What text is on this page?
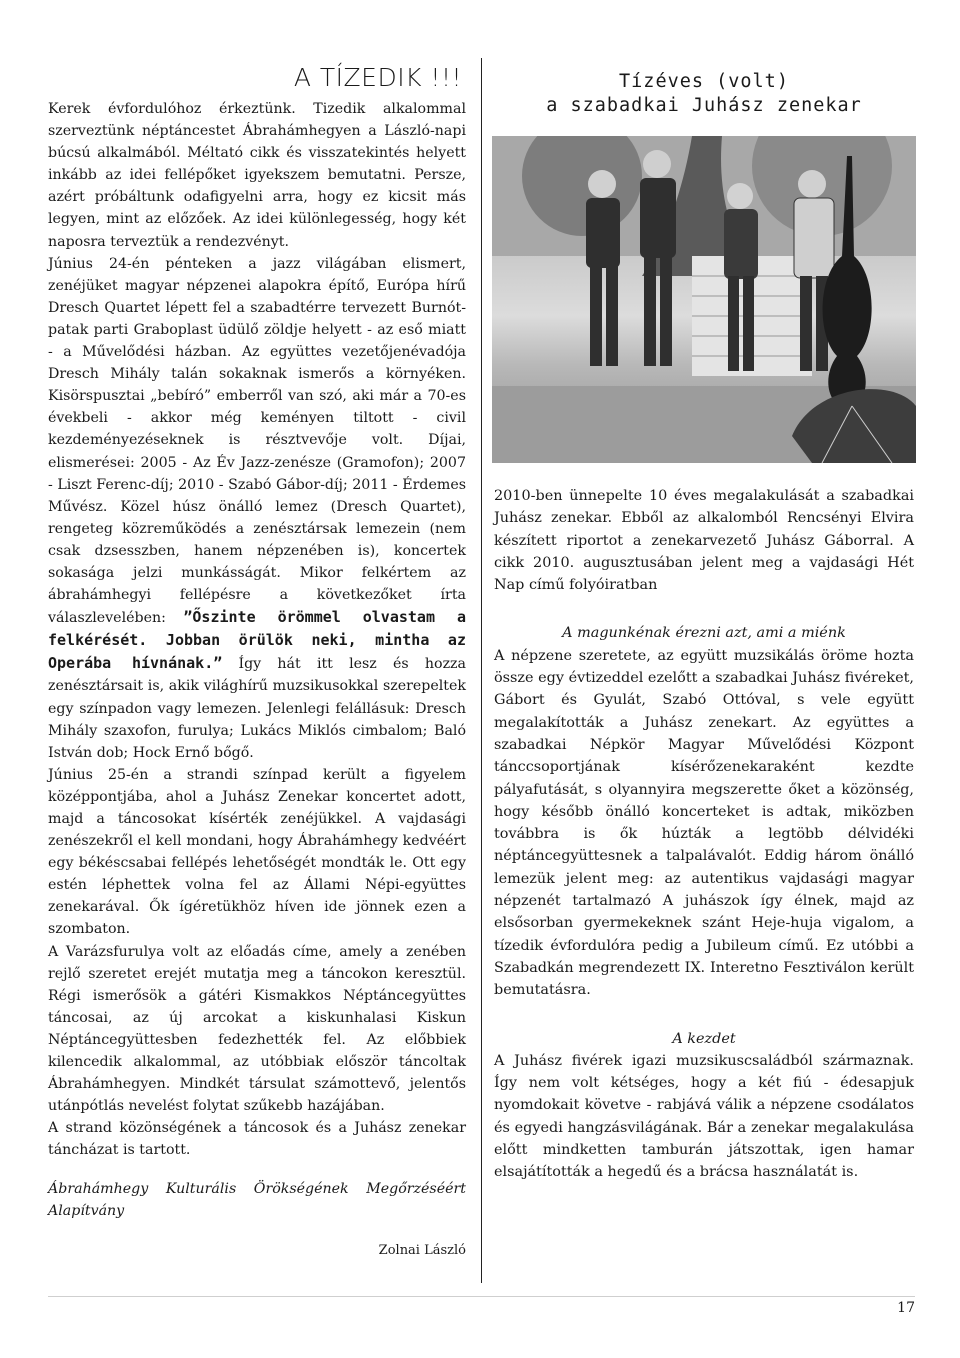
A TÍZEDIK !!!

Kerek évfordulóhoz érkeztünk. Tizedik alkalommal szerveztünk néptáncestet Ábrahámhegyen a László-napi búcsú alkalmából. Méltató cikk és visszatekintés helyett inkább az idei fellépőket igyekszem bemutatni. Persze, azért próbáltunk odafigyelni arra, hogy ez kicsit más legyen, mint az előzőek. Az idei különlegesség, hogy két naposra terveztük a rendezvényt.

Június 24-én pénteken a jazz világában elismert, zenéjüket magyar népzenei alapokra építő, Európa hírű Dresch Quartet lépett fel a szabadtérre tervezett Burnót-patak parti Graboplast üdülő zöldje helyett - az eső miatt - a Művelődési házban. Az együttes vezetőjenévadója Dresch Mihály talán sokaknak ismerős a környéken. Kisörspusztai „bebíró” emberről van szó, aki már a 70-es évekbeli - akkor még keményen tiltott - civil kezdeményezéseknek is résztvevője volt. Díjai, elismerései: 2005 - Az Év Jazz-zenésze (Gramofon); 2007 - Liszt Ferenc-díj; 2010 - Szabó Gábor-díj; 2011 - Érdemes Művész. Közel húsz önálló lemez (Dresch Quartet), rengeteg közreműködés a zenésztársak lemezein (nem csak dzsesszben, hanem népzenében is), koncertek sokasága jelzi munkásságát. Mikor felkértem az ábrahámhegyi fellépésre a következőket írta válaszlevelében: ”Őszinte örömmel olvastam a felkérését. Jobban örülök neki, mintha az Operába hívnának.” Így hát itt lesz és hozza zenésztársait is, akik világhírű muzsikusokkal szerepeltek egy színpadon vagy lemezen. Jelenlegi felállásuk: Dresch Mihály szaxofon, furulya; Lukács Miklós cimbalom; Baló István dob; Hock Ernő bőgő.

Június 25-én a strandi színpad került a figyelem középpontjába, ahol a Juhász Zenekar koncertet adott, majd a táncosokat kísérték zenéjükkel. A vajdasági zenészekről el kell mondani, hogy Ábrahámhegy kedvéért egy békéscsabai fellépés lehetőségét mondták le. Ott egy estén léphettek volna fel az Állami Népi-együttes zenekarával. Ők ígéretükhöz híven ide jönnek ezen a szombaton.

A Varázsfurulya volt az előadás címe, amely a zenében rejlő szeretet erejét mutatja meg a táncokon keresztül. Régi ismerősök a gátéri Kismakkos Néptáncegyüttes táncosai, az új arcokat a kiskunhalasi Kiskun Néptáncegyüttesben fedezhették fel. Az előbbiek kilencedik alkalommal, az utóbbiak először táncoltak Ábrahámhegyen. Mindkét társulat számottevő, jelentős utánpótlás nevelést folytat szűkebb hazájában.

A strand közönségének a táncosok és a Juhász zenekar táncházat is tartott.

Ábrahámhegy Kulturális Örökségének Megőrzéséért Alapítvány
Zolnai László
Tízéves (volt)
a szabadkai Juhász zenekar
2010-ben ünnepelte 10 éves megalakulását a szabadkai Juhász zenekar. Ebből az alkalomból Rencsényi Elvira készített riportot a zenekarvezető Juhász Gáborral. A cikk 2010. augusztusában jelent meg a vajdasági Hét Nap című folyóiratban
A magunkénak érezni azt, ami a miénk

A népzene szeretete, az együtt muzsikálás öröme hozta össze egy évtizeddel ezelőtt a szabadkai Juhász fivéreket, Gábort és Gyulát, Szabó Ottóval, s vele együtt megalakították a Juhász zenekart. Az együttes a szabadkai Népkör Magyar Művelődési Központ tánccsoportjának kísérőzenekaraként kezdte pályafutását, s olyannyira megszerette őket a közönség, hogy később önálló koncerteket is adtak, miközben továbbra is ők húzták a legtöbb délvidéki néptáncegyüttesnek a talpalávalót. Eddig három önálló lemezük jelent meg: az autentikus vajdasági magyar népzenét tartalmazó A juhászok így élnek, majd az elsősorban gyermekeknek szánt Heje-huja vigalom, a tízedik évfordulóra pedig a Jubileum című. Ez utóbbi a Szabadkán megrendezett IX. Interetno Fesztiválon került bemutatásra.

A kezdet

A Juhász fivérek igazi muzsikuscsaládból származnak. Így nem volt kétséges, hogy a két fiú - édesapjuk nyomdokait követve - rabjává válik a népzene csodálatos és egyedi hangzásvilágának. Bár a zenekar megalakulása előtt mindketten tamburán játszottak, igen hamar elsajátították a hegedű és a brácsa használatát is.

17
